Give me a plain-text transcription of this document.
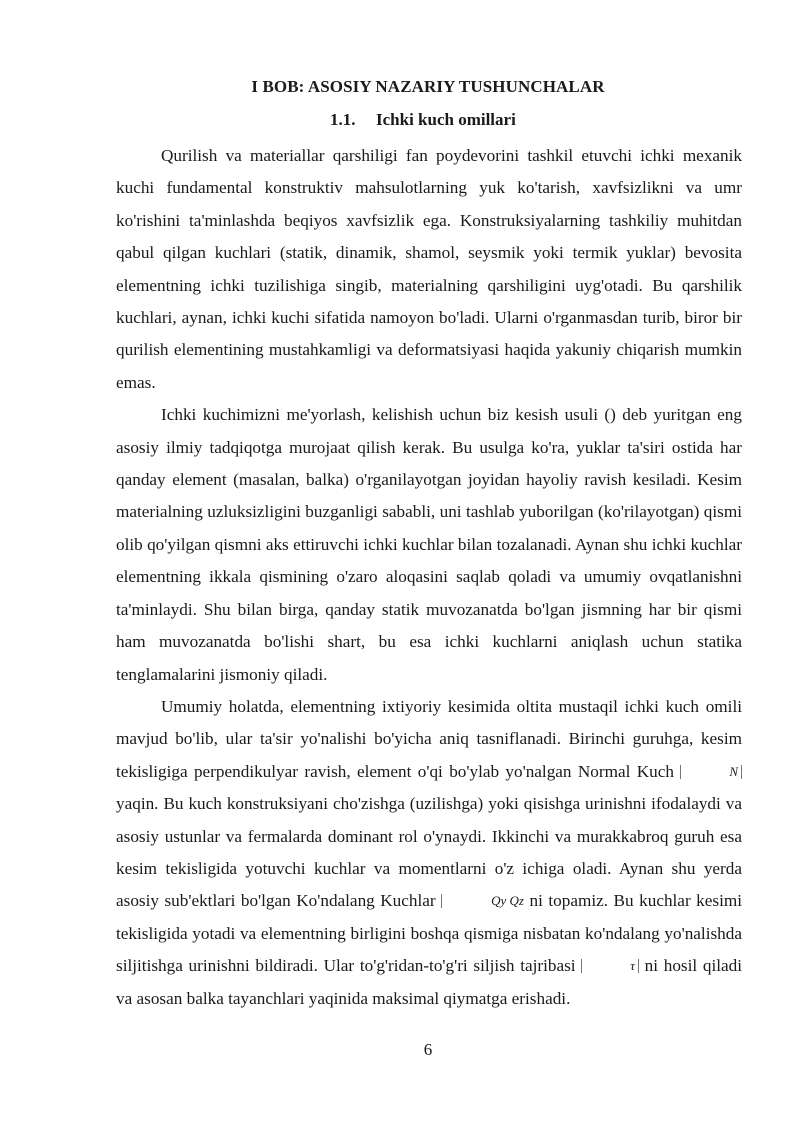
I BOB: ASOSIY NAZARIY TUSHUNCHALAR
1.1. Ichki kuch omillari

Qurilish va materiallar qarshiligi fan poydevorini tashkil etuvchi ichki mexanik kuchi fundamental konstruktiv mahsulotlarning yuk ko'tarish, xavfsizlikni va umr ko'rishini ta'minlashda beqiyos xavfsizlik ega. Konstruksiyalarning tashkiliy muhitdan qabul qilgan kuchlari (statik, dinamik, shamol, seysmik yoki termik yuklar) bevosita elementning ichki tuzilishiga singib, materialning qarshiligini uyg'otadi. Bu qarshilik kuchlari, aynan, ichki kuchi sifatida namoyon bo'ladi. Ularni o'rganmasdan turib, biror bir qurilish elementining mustahkamligi va deformatsiyasi haqida yakuniy chiqarish mumkin emas.

Ichki kuchimizni me'yorlash, kelishish uchun biz kesish usuli () deb yuritgan eng asosiy ilmiy tadqiqotga murojaat qilish kerak. Bu usulga ko'ra, yuklar ta'siri ostida har qanday element (masalan, balka) o'rganilayotgan joyidan hayoliy ravish kesiladi. Kesim materialning uzluksizligini buzganligi sababli, uni tashlab yuborilgan (ko'rilayotgan) qismi olib qo'yilgan qismni aks ettiruvchi ichki kuchlar bilan tozalanadi. Aynan shu ichki kuchlar elementning ikkala qismining o'zaro aloqasini saqlab qoladi va umumiy ovqatlanishni ta'minlaydi. Shu bilan birga, qanday statik muvozanatda bo'lgan jismning har bir qismi ham muvozanatda bo'lishi shart, bu esa ichki kuchlarni aniqlash uchun statika tenglamalarini jismoniy qiladi.

Umumiy holatda, elementning ixtiyoriy kesimida oltita mustaqil ichki kuch omili mavjud bo'lib, ular ta'sir yo'nalishi bo'yicha aniq tasniflanadi. Birinchi guruhga, kesim tekisligiga perpendikulyar ravish, element o'qi bo'ylab yo'nalgan Normal Kuch	N yaqin. Bu kuch konstruksiyani cho'zishga (uzilishga) yoki qisishga urinishni ifodalaydi va asosiy ustunlar va fermalarda dominant rol o'ynaydi. Ikkinchi va murakkabroq guruh esa kesim tekisligida yotuvchi kuchlar va momentlarni o'z ichiga oladi. Aynan shu yerda asosiy sub'ektlari bo'lgan Ko'ndalang Kuchlar	Qy Qz ni topamiz. Bu kuchlar kesimi tekisligida yotadi va elementning birligini boshqa qismiga nisbatan ko'ndalang yo'nalishda siljitishga urinishni bildiradi. Ular to'g'ridan-to'g'ri siljish tajribasi	τ ni hosil qiladi va asosan balka tayanchlari yaqinida maksimal qiymatga erishadi.

6
